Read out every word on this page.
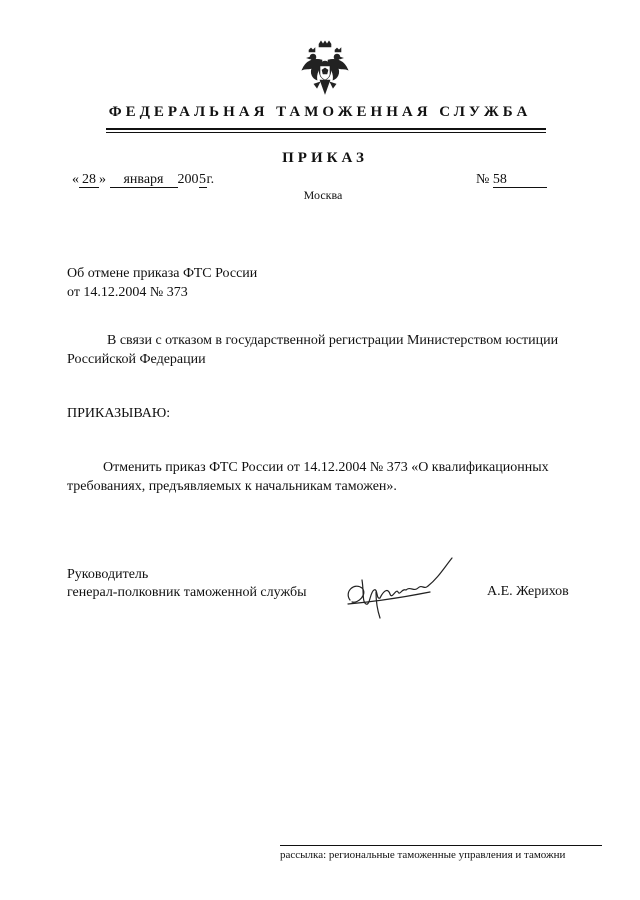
ФЕДЕРАЛЬНАЯ ТАМОЖЕННАЯ СЛУЖБА
ПРИКАЗ
« 28 » января 2005г.	№ 58
Москва
Об отмене приказа ФТС России
от 14.12.2004 № 373
В связи с отказом в государственной регистрации Министерством юстиции
Российской Федерации
ПРИКАЗЫВАЮ:
Отменить приказ ФТС России от 14.12.2004 № 373 «О квалификационных
требованиях, предъявляемых к начальникам таможен».
Руководитель
генерал-полковник таможенной службы	А.Е. Жерихов
рассылка: региональные таможенные управления и таможни
